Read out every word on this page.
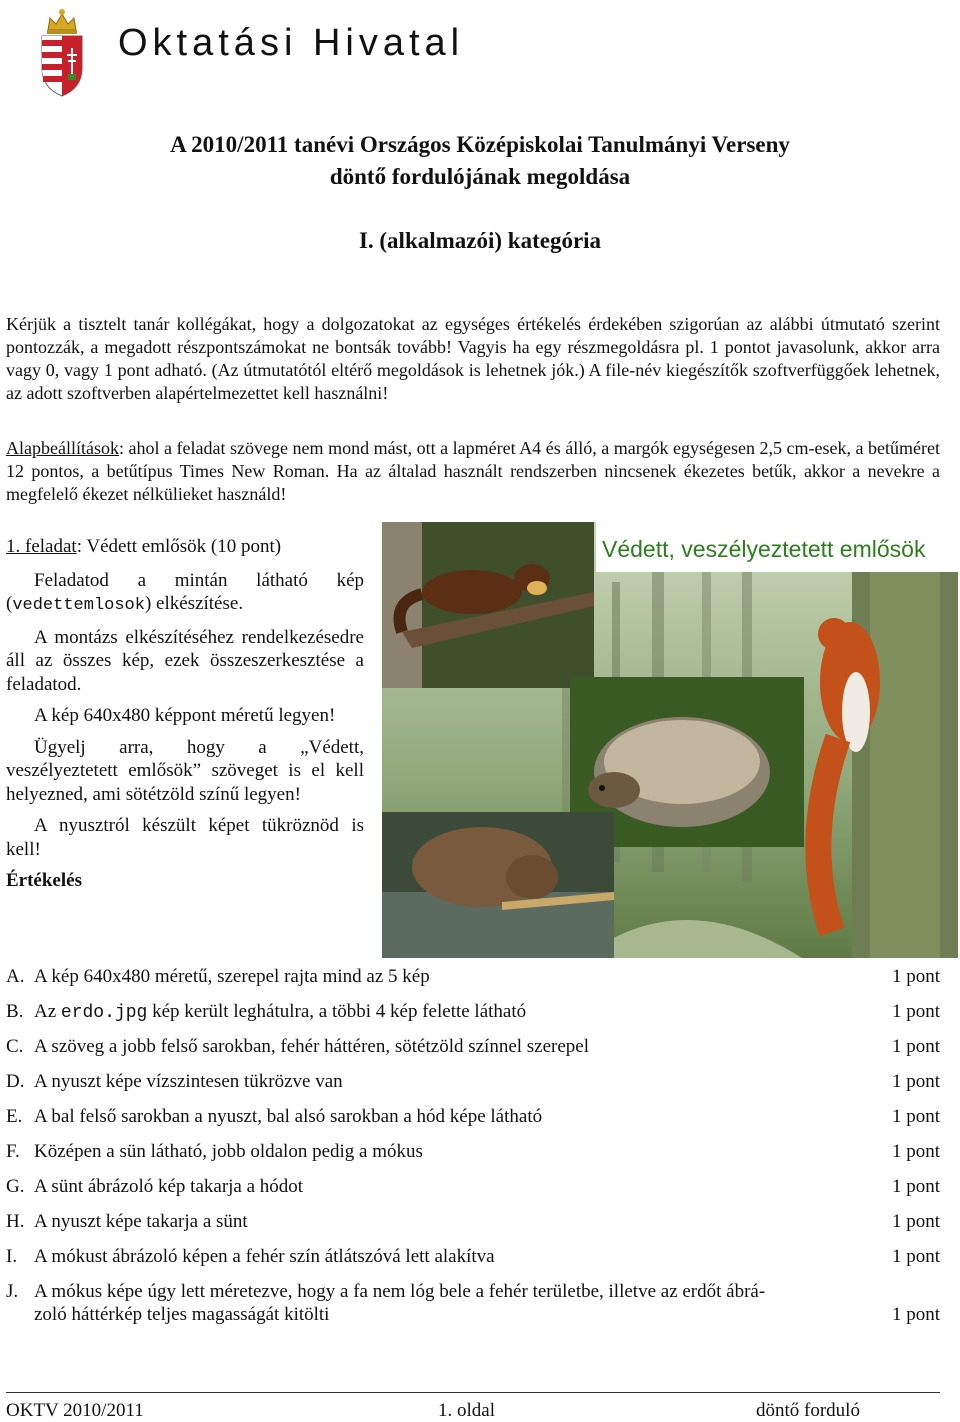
Oktatási Hivatal
A 2010/2011 tanévi Országos Középiskolai Tanulmányi Verseny
döntő fordulójának megoldása
I. (alkalmazói) kategória

Kérjük a tisztelt tanár kollégákat, hogy a dolgozatokat az egységes értékelés érdekében szigorúan az alábbi útmutató szerint pontozzák, a megadott részpontszámokat ne bontsák tovább! Vagyis ha egy részmegoldásra pl. 1 pontot javasolunk, akkor arra vagy 0, vagy 1 pont adható. (Az útmutatótól eltérő megoldások is lehetnek jók.) A file-név kiegészítők szoftverfüggőek lehetnek, az adott szoftverben alapértelmezettet kell használni!

Alapbeállítások: ahol a feladat szövege nem mond mást, ott a lapméret A4 és álló, a margók egységesen 2,5 cm-esek, a betűméret 12 pontos, a betűtípus Times New Roman. Ha az általad használt rendszerben nincsenek ékezetes betűk, akkor a nevekre a megfelelő ékezet nélkülieket használd!

1. feladat: Védett emlősök (10 pont)

Feladatod a mintán látható kép (vedettemlosok) elkészítése.

A montázs elkészítéséhez rendelkezésedre áll az összes kép, ezek összeszerkesztése a feladatod.

A kép 640x480 képpont méretű legyen!

Ügyelj arra, hogy a „Védett, veszélyeztetett emlősök” szöveget is el kell helyezned, ami sötétzöld színű legyen!

A nyusztról készült képet tükröznöd is kell!

Értékelés

Védett, veszélyeztetett emlősök
A. A kép 640x480 méretű, szerepel rajta mind az 5 kép	1 pont
B. Az erdo.jpg kép került leghátulra, a többi 4 kép felette látható	1 pont
C. A szöveg a jobb felső sarokban, fehér háttéren, sötétzöld színnel szerepel	1 pont
D. A nyuszt képe vízszintesen tükrözve van	1 pont
E. A bal felső sarokban a nyuszt, bal alsó sarokban a hód képe látható	1 pont
F. Középen a sün látható, jobb oldalon pedig a mókus	1 pont
G. A sünt ábrázoló kép takarja a hódot	1 pont
H. A nyuszt képe takarja a sünt	1 pont
I. A mókust ábrázoló képen a fehér szín átlátszóvá lett alakítva	1 pont
J. A mókus képe úgy lett méretezve, hogy a fa nem lóg bele a fehér területbe, illetve az erdőt ábrá-
zoló háttérkép teljes magasságát kitölti	1 pont
OKTV 2010/2011	1. oldal	döntő forduló
